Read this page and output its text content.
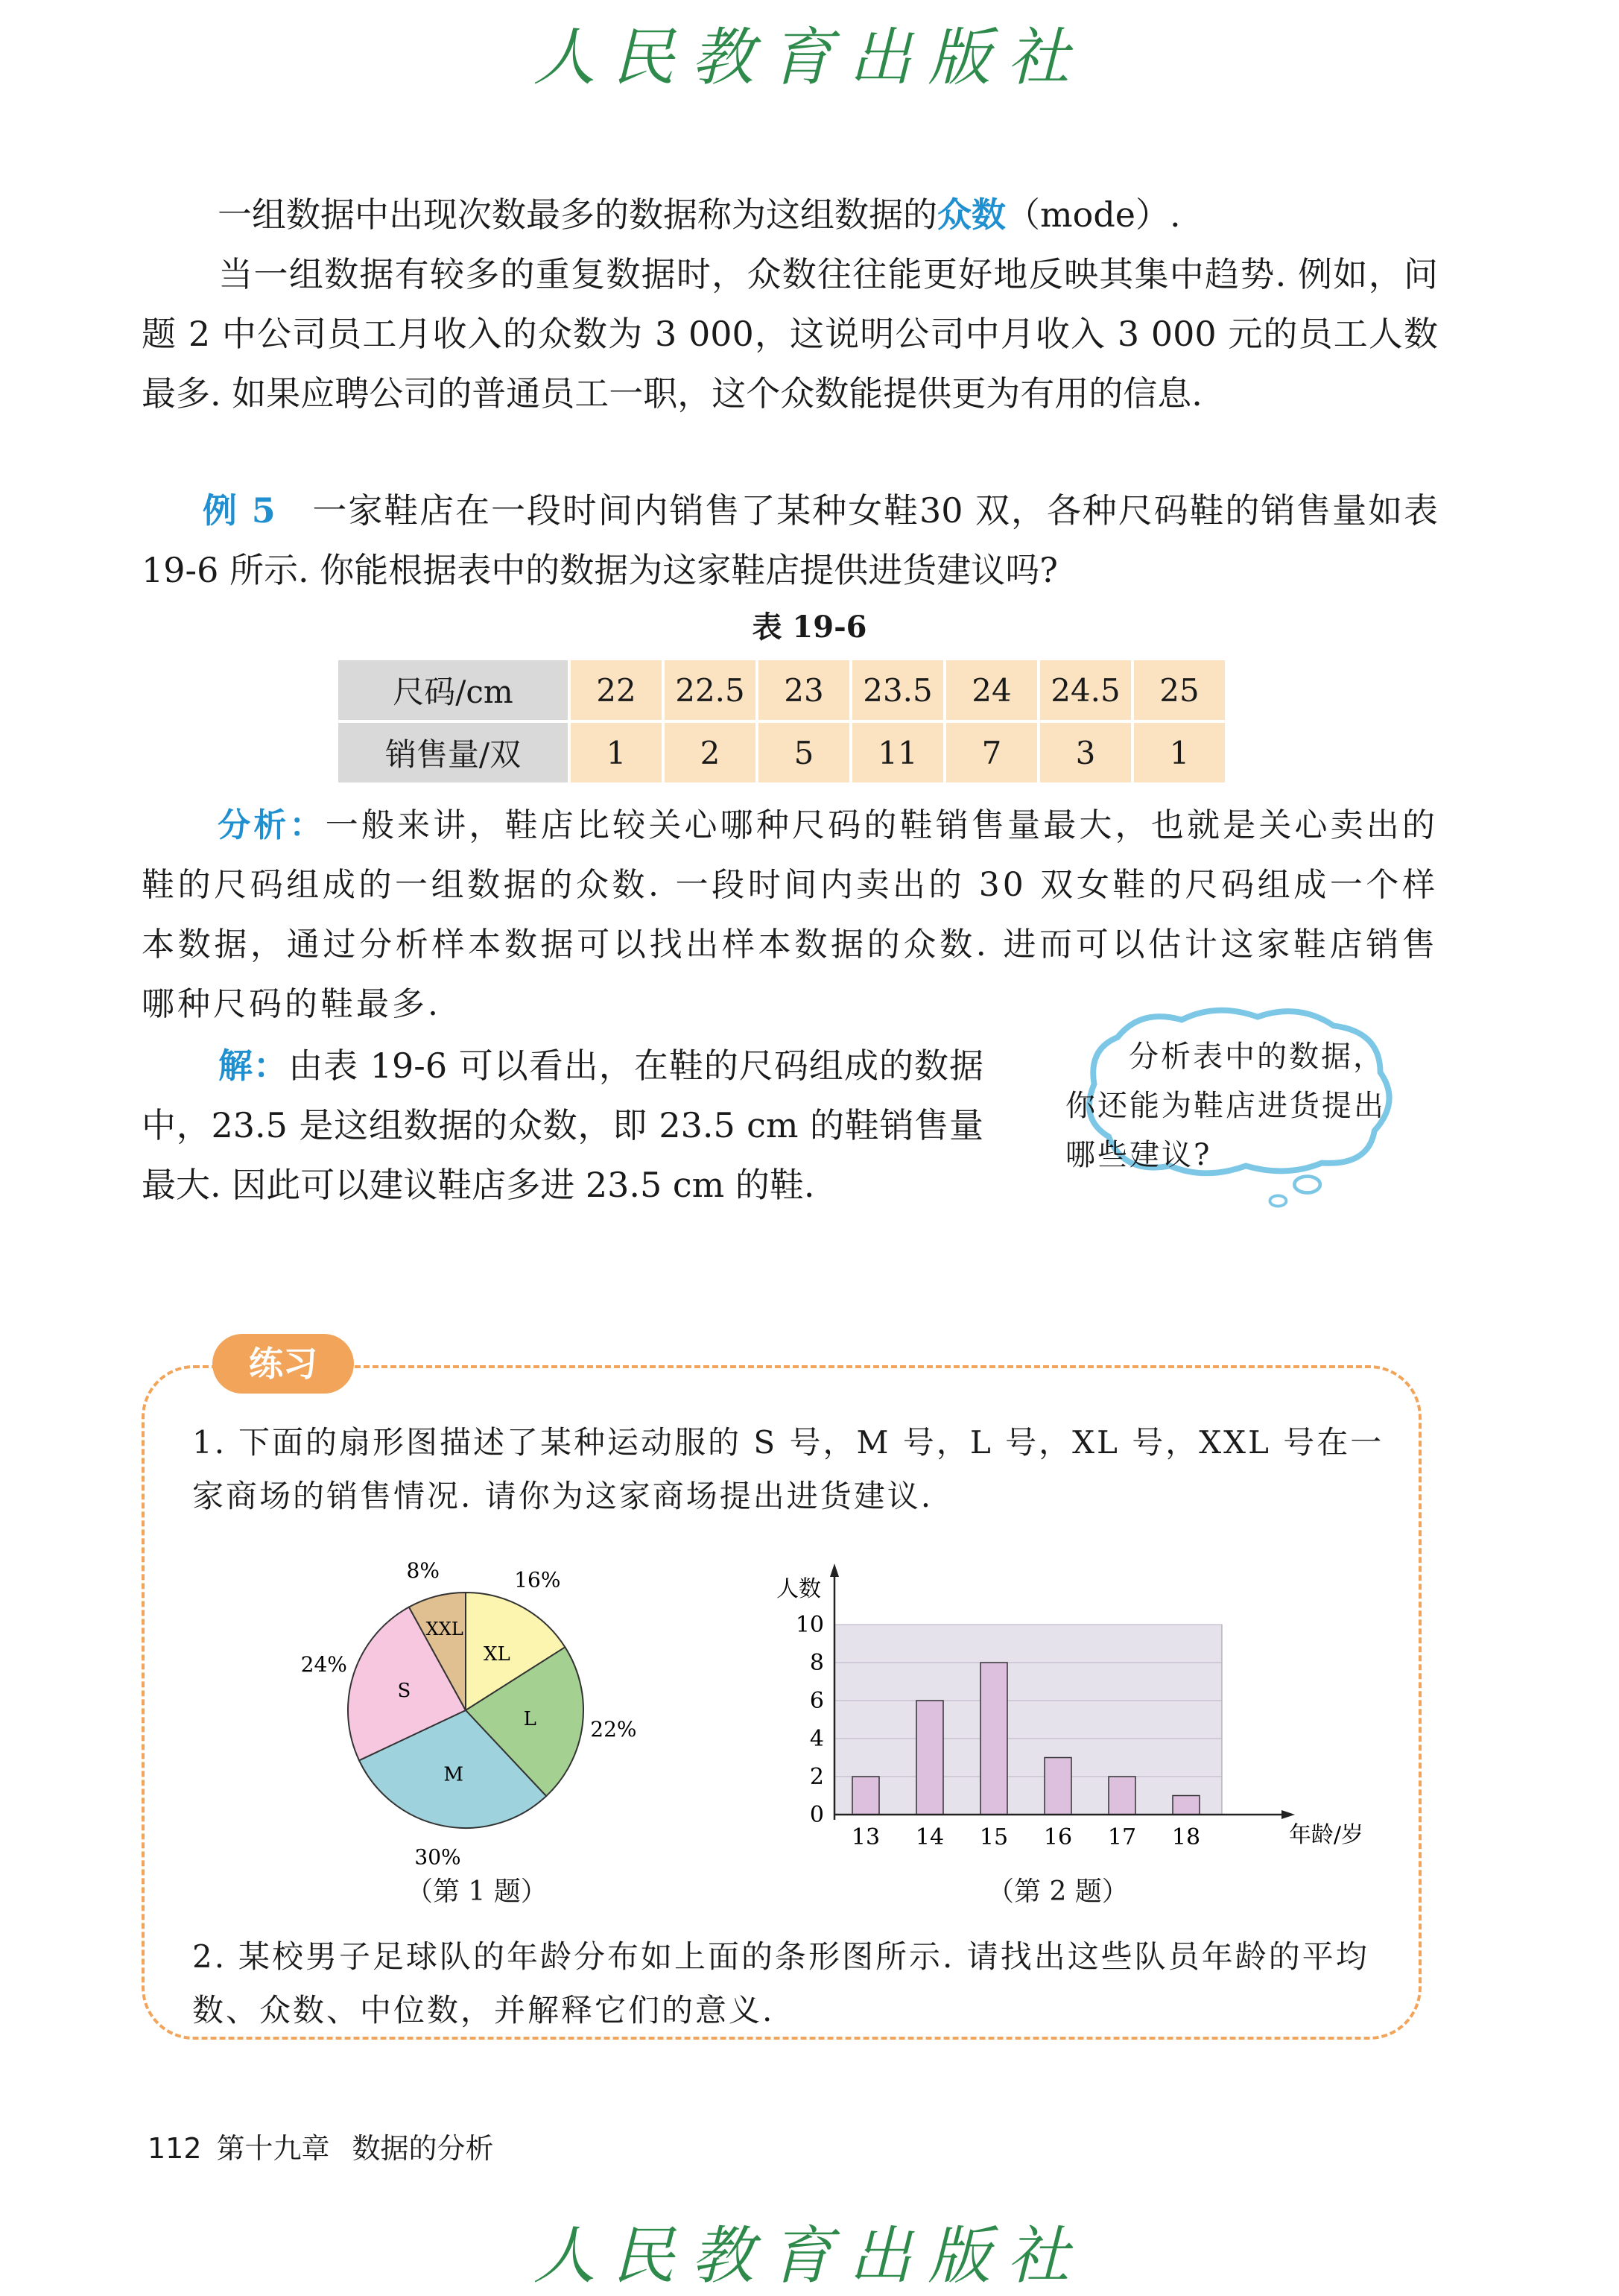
人民教育出版社
一组数据中出现次数最多的数据称为这组数据的众数（mode）.
当一组数据有较多的重复数据时，众数往往能更好地反映其集中趋势. 例如，问题 2 中公司员工月收入的众数为 3 000，这说明公司中月收入 3 000 元的员工人数最多. 如果应聘公司的普通员工一职，这个众数能提供更为有用的信息.
例 5 一家鞋店在一段时间内销售了某种女鞋30 双，各种尺码鞋的销售量如表 19-6 所示. 你能根据表中的数据为这家鞋店提供进货建议吗?
表 19-6
尺码/cm	22	22.5	23	23.5	24	24.5	25
销售量/双	1	2	5	11	7	3	1
分析：一般来讲，鞋店比较关心哪种尺码的鞋销售量最大，也就是关心卖出的鞋的尺码组成的一组数据的众数. 一段时间内卖出的 30 双女鞋的尺码组成一个样本数据，通过分析样本数据可以找出样本数据的众数. 进而可以估计这家鞋店销售哪种尺码的鞋最多.
解：由表 19-6 可以看出，在鞋的尺码组成的数据中，23.5 是这组数据的众数，即 23.5 cm 的鞋销售量最大. 因此可以建议鞋店多进 23.5 cm 的鞋.
分析表中的数据，你还能为鞋店进货提出哪些建议?
练习
1. 下面的扇形图描述了某种运动服的 S 号，M 号，L 号，XL 号，XXL 号在一家商场的销售情况. 请你为这家商场提出进货建议.
XL
16%
L	22%
M
30%
S
24%
XXL
8%
（第 1 题）
13 14 15 16 17 18
0
2
4
6
8
10
人数
年龄/岁
（第 2 题）
2. 某校男子足球队的年龄分布如上面的条形图所示. 请找出这些队员年龄的平均数、众数、中位数，并解释它们的意义.
112 第十九章 数据的分析
人民教育出版社
